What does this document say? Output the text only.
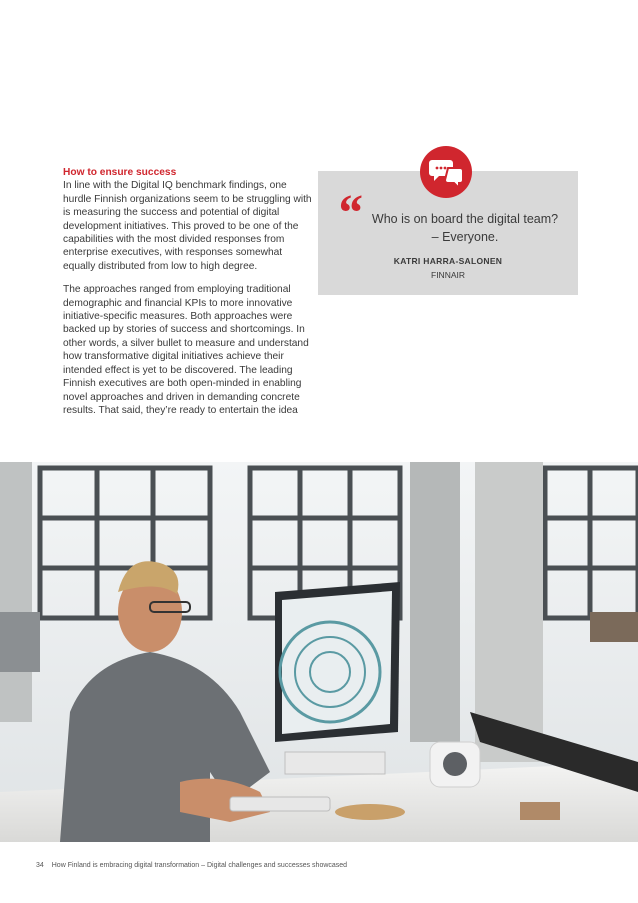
How to ensure success

In line with the Digital IQ benchmark findings, one hurdle Finnish organizations seem to be struggling with is measuring the success and potential of digital development initiatives. This proved to be one of the capabilities with the most divided responses from enterprise executives, with responses somewhat equally distributed from low to high degree.

The approaches ranged from employing traditional demographic and financial KPIs to more innovative initiative-specific measures. Both approaches were backed up by stories of success and shortcomings. In other words, a silver bullet to measure and understand how transformative digital initiatives achieve their intended effect is yet to be discovered. The leading Finnish executives are both open-minded in enabling novel approaches and driven in demanding concrete results. That said, they’re ready to entertain the idea

“ Who is on board the digital team?
– Everyone.
KATRI HARRA-SALONEN
FINNAIR
34 How Finland is embracing digital transformation – Digital challenges and successes showcased
